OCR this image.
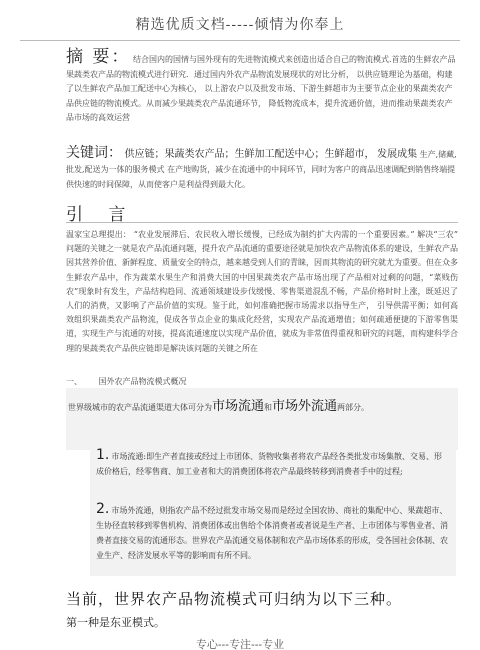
精选优质文档-----倾情为你奉上
摘 要： 结合国内的国情与国外现有的先进物流模式来创造出适合自己的物流模式.首选的生鲜农产品 果蔬类农产品的物流模式进行研究．通过国内外农产品物流发展现状的对比分析， 以供应链理论为基础，构建了以生鲜农产品加工配送中心为核心， 以上游农户以及批发市场、下游生鲜超市为主要节点企业的果蔬类农产品供应链的物流模式。从而减少果蔬类农产品流通环节， 降低物流成本，提升流通价值，进而推动果蔬类农产品市场的高效运营
关键词： 供应链；果蔬类农产品；生鲜加工配送中心；生鲜超市， 发展成集 生产,储藏,批发,配送为一体的服务模式 在产地购货，减少在流通中的中间环节，同时为客户的商品迅速调配到销售终端提供快速的时间保障，从而使客户是利益得到最大化。
引 言
温家宝总理提出： “农业发展滞后、农民收入增长缓慢，已经成为制约扩大内需的一个重要因素。” 解决“三农” 问题的关键之一就是农产品流通问题，提升农产品流通的重要途径就是加快农产品物流体系的建设，生鲜农产品因其营养价值、新鲜程度、质量安全的特点，越来越受到人们的青睐，因而其物流的研究就尤为重要。但在众多生鲜农产品中，作为蔬菜水果生产和消费大国的中国果蔬类农产品市场出现了产品相对过剩的问题，“菜贱伤农”现象时有发生，产品结构趋同、流通领域建设步伐缓慢、零售渠道混乱不畅，产品价格时时上涨，既延迟了人们的消费，又影响了产品价值的实现。鉴于此，如何准确把握市场需求以指导生产， 引导供需平衡；如何高效组织果蔬类农产品物流，促成各节点企业的集成化经营，实现农产品流通增值；如何疏通便捷的下游零售渠道，实现生产与流通的对接，提高流通速度以实现产品价值，就成为非常值得重视和研究的问题，而构建科学合理的果蔬类农产品供应链即是解决该问题的关键之所在
一、 国外农产品物流模式概况
世界级城市的农产品流通渠道大体可分为市场流通和市场外流通两部分。
1. 市场流通:即生产者直接或经过上市团体、货物收集者将农产品经各类批发市场集散、交易、形成价格后，经零售商、加工业者和大的消费团体将农产品最终转移到消费者手中的过程;
2. 市场外流通，则指农产品不经过批发市场交易而是经过全国农协、商社的集配中心、果蔬超市、生协径直转移到零售机构、消费团体或出售给个体消费者或者说是生产者、上市团体与零售业者、消费者直接交易的流通形态。世界农产品流通交易体制和农产品市场体系的形成，受各国社会体制、农业生产、经济发展水平等的影响而有所不同。
当前，世界农产品物流模式可归纳为以下三种。
第一种是东亚模式。
专心---专注---专业
